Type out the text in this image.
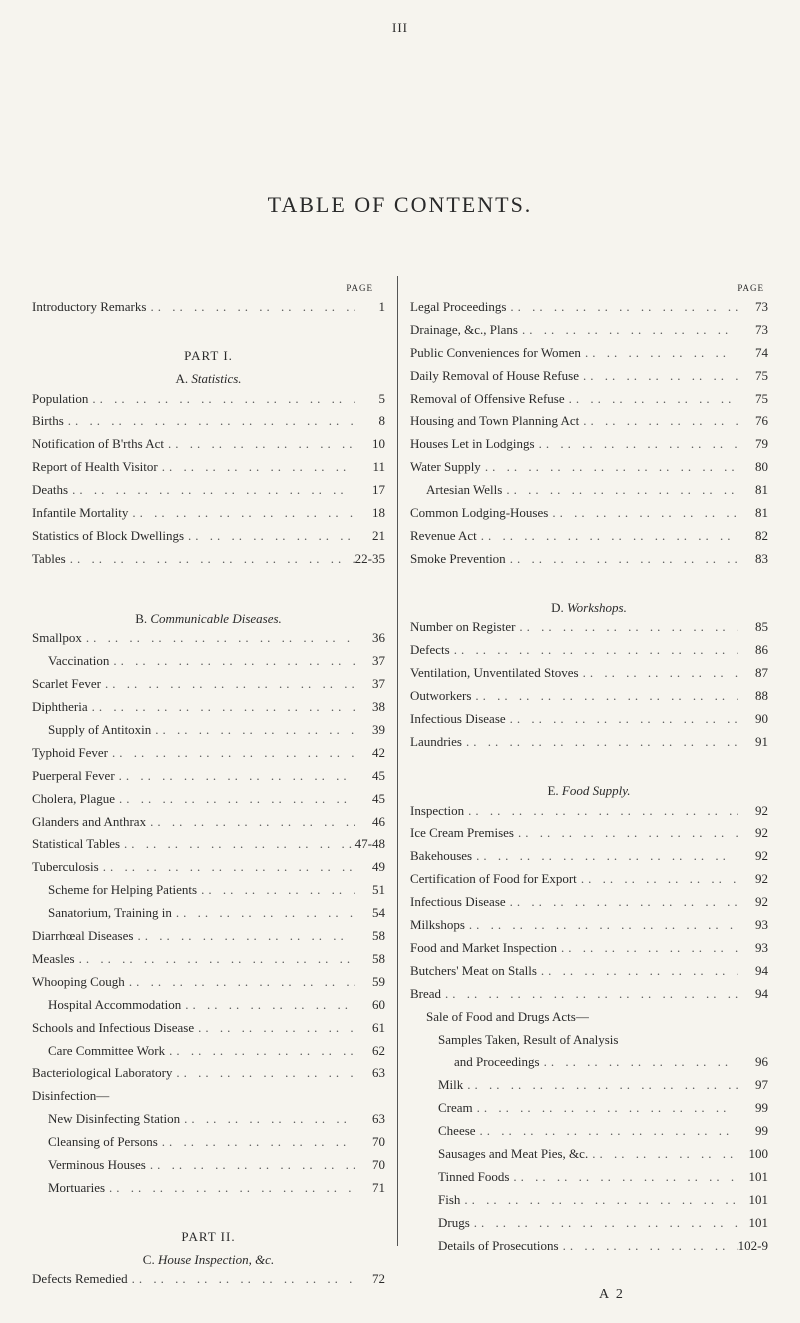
III
TABLE OF CONTENTS.
PAGE
Introductory Remarks .. ..	1
PART I.
A. Statistics.
Population .. ..	5
Births .. ..	8
Notification of B'rths Act .. ..	10
Report of Health Visitor .. ..	11
Deaths .. ..	17
Infantile Mortality .. ..	18
Statistics of Block Dwellings .. ..	21
Tables .. ..	22-35
B. Communicable Diseases.
Smallpox .. ..	36
Vaccination .. ..	37
Scarlet Fever .. ..	37
Diphtheria .. ..	38
Supply of Antitoxin .. ..	39
Typhoid Fever .. ..	42
Puerperal Fever .. ..	45
Cholera, Plague .. ..	45
Glanders and Anthrax .. ..	46
Statistical Tables .. ..	47-48
Tuberculosis .. ..	49
Scheme for Helping Patients .. ..	51
Sanatorium, Training in .. ..	54
Diarrhœal Diseases .. ..	58
Measles .. ..	58
Whooping Cough .. ..	59
Hospital Accommodation .. ..	60
Schools and Infectious Disease .. ..	61
Care Committee Work .. ..	62
Bacteriological Laboratory .. ..	63
Disinfection—
New Disinfecting Station .. ..	63
Cleansing of Persons .. ..	70
Verminous Houses .. ..	70
Mortuaries .. ..	71
PART II.
C. House Inspection, &c.
Defects Remedied .. ..	72
PAGE
Legal Proceedings .. ..	73
Drainage, &c., Plans .. ..	73
Public Conveniences for Women .. ..	74
Daily Removal of House Refuse .. ..	75
Removal of Offensive Refuse .. ..	75
Housing and Town Planning Act .. ..	76
Houses Let in Lodgings .. ..	79
Water Supply .. ..	80
Artesian Wells .. ..	81
Common Lodging-Houses .. ..	81
Revenue Act .. ..	82
Smoke Prevention .. ..	83
D. Workshops.
Number on Register .. ..	85
Defects .. ..	86
Ventilation, Unventilated Stoves .. ..	87
Outworkers .. ..	88
Infectious Disease .. ..	90
Laundries .. ..	91
E. Food Supply.
Inspection .. ..	92
Ice Cream Premises .. ..	92
Bakehouses .. ..	92
Certification of Food for Export .. ..	92
Infectious Disease .. ..	92
Milkshops .. ..	93
Food and Market Inspection .. ..	93
Butchers' Meat on Stalls .. ..	94
Bread .. ..	94
Sale of Food and Drugs Acts—
Samples Taken, Result of Analysis
and Proceedings .. ..	96
Milk .. ..	97
Cream .. ..	99
Cheese .. ..	99
Sausages and Meat Pies, &c. .. ..	100
Tinned Foods .. ..	101
Fish .. ..	101
Drugs .. ..	101
Details of Prosecutions .. ..	102-9
A 2
